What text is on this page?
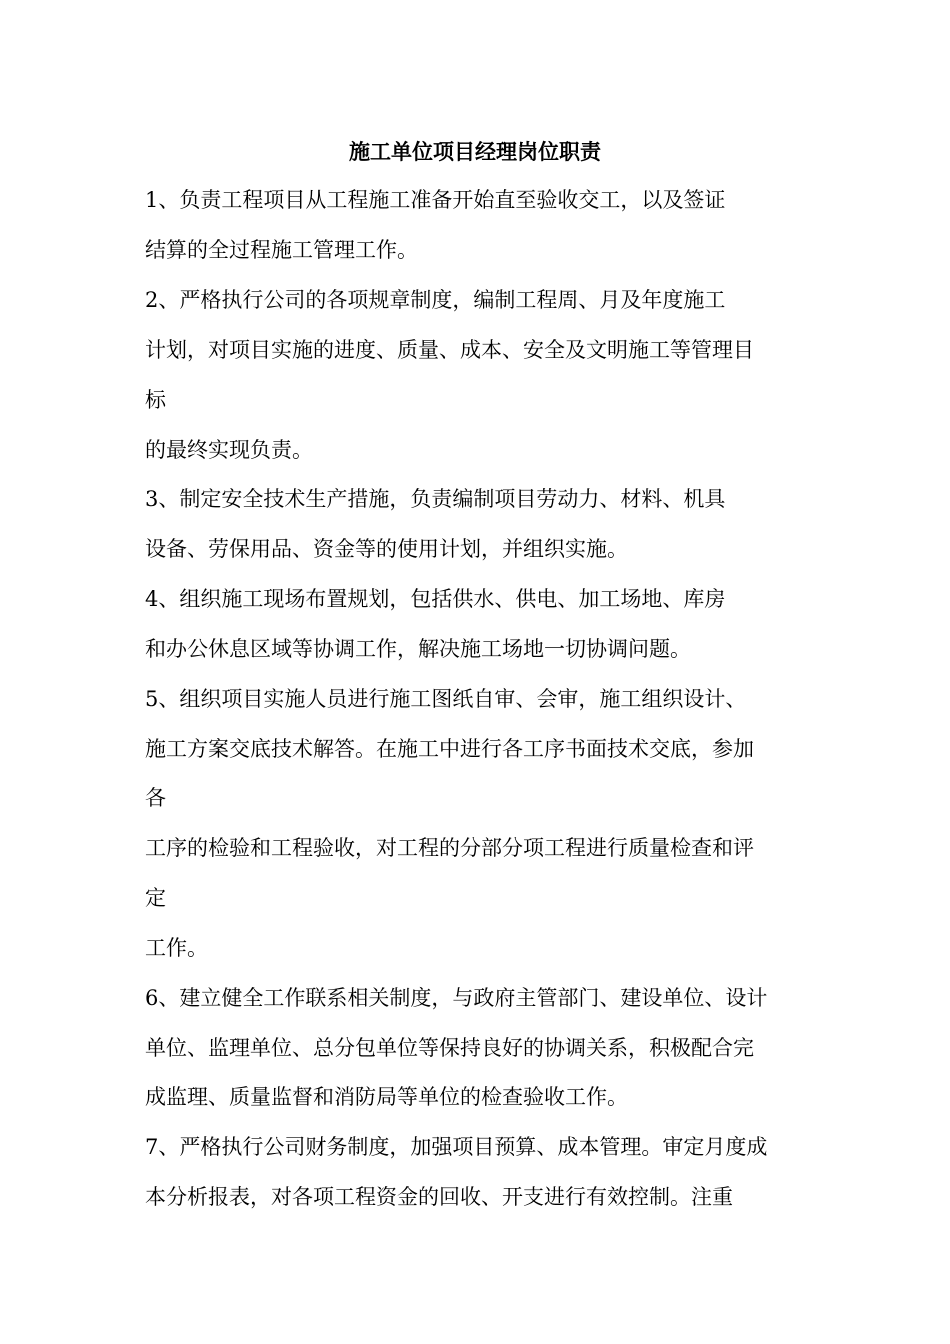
施工单位项目经理岗位职责
1、负责工程项目从工程施工准备开始直至验收交工，以及签证
结算的全过程施工管理工作。
2、严格执行公司的各项规章制度，编制工程周、月及年度施工
计划，对项目实施的进度、质量、成本、安全及文明施工等管理目
标
的最终实现负责。
3、制定安全技术生产措施，负责编制项目劳动力、材料、机具
设备、劳保用品、资金等的使用计划，并组织实施。
4、组织施工现场布置规划，包括供水、供电、加工场地、库房
和办公休息区域等协调工作，解决施工场地一切协调问题。
5、组织项目实施人员进行施工图纸自审、会审，施工组织设计、
施工方案交底技术解答。在施工中进行各工序书面技术交底，参加
各
工序的检验和工程验收，对工程的分部分项工程进行质量检查和评
定
工作。
6、建立健全工作联系相关制度，与政府主管部门、建设单位、设计
单位、监理单位、总分包单位等保持良好的协调关系，积极配合完
成监理、质量监督和消防局等单位的检查验收工作。
7、严格执行公司财务制度，加强项目预算、成本管理。审定月度成
本分析报表，对各项工程资金的回收、开支进行有效控制。注重
